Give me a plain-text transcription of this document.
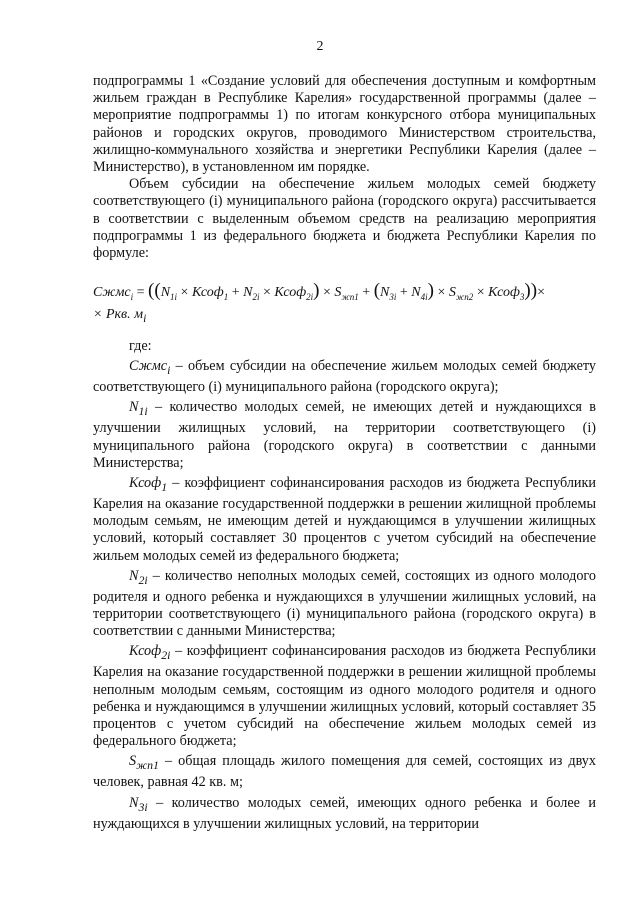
2

подпрограммы 1 «Создание условий для обеспечения доступным и комфортным жильем граждан в Республике Карелия» государственной программы (далее – мероприятие подпрограммы 1) по итогам конкурсного отбора муниципальных районов и городских округов, проводимого Министерством строительства, жилищно-коммунального хозяйства и энергетики Республики Карелия (далее – Министерство), в установленном им порядке.

Объем субсидии на обеспечение жильем молодых семей бюджету соответствующего (i) муниципального района (городского округа) рассчитывается в соответствии с выделенным объемом средств на реализацию мероприятия подпрограммы 1 из федерального бюджета и бюджета Республики Карелия по формуле:

Сжмс$_i$ = (($N_{1i}$ × Ксоф$_1$ + $N_{2i}$ × Ксоф$_{2i}$) × $S_{жп1} + (N_{3i} + N_{4i}) \times S_{жп2}$ × Ксоф$_3$))×
× Ркв. $м_i$

где:

Сжмс$_i$ – объем субсидии на обеспечение жильем молодых семей бюджету соответствующего (i) муниципального района (городского округа);

$N_{1i}$ – количество молодых семей, не имеющих детей и нуждающихся в улучшении жилищных условий, на территории соответствующего (i) муниципального района (городского округа) в соответствии с данными Министерства;

Ксоф$_1$ – коэффициент софинансирования расходов из бюджета Республики Карелия на оказание государственной поддержки в решении жилищной проблемы молодым семьям, не имеющим детей и нуждающимся в улучшении жилищных условий, который составляет 30 процентов с учетом субсидий на обеспечение жильем молодых семей из федерального бюджета;

$N_{2i}$ – количество неполных молодых семей, состоящих из одного молодого родителя и одного ребенка и нуждающихся в улучшении жилищных условий, на территории соответствующего (i) муниципального района (городского округа) в соответствии с данными Министерства;

Ксоф$_{2i}$ – коэффициент софинансирования расходов из бюджета Республики Карелия на оказание государственной поддержки в решении жилищной проблемы неполным молодым семьям, состоящим из одного молодого родителя и одного ребенка и нуждающимся в улучшении жилищных условий, который составляет 35 процентов с учетом субсидий на обеспечение жильем молодых семей из федерального бюджета;

$S_{жп1}$ – общая площадь жилого помещения для семей, состоящих из двух человек, равная 42 кв. м;

$N_{3i}$ – количество молодых семей, имеющих одного ребенка и более и нуждающихся в улучшении жилищных условий, на территории
